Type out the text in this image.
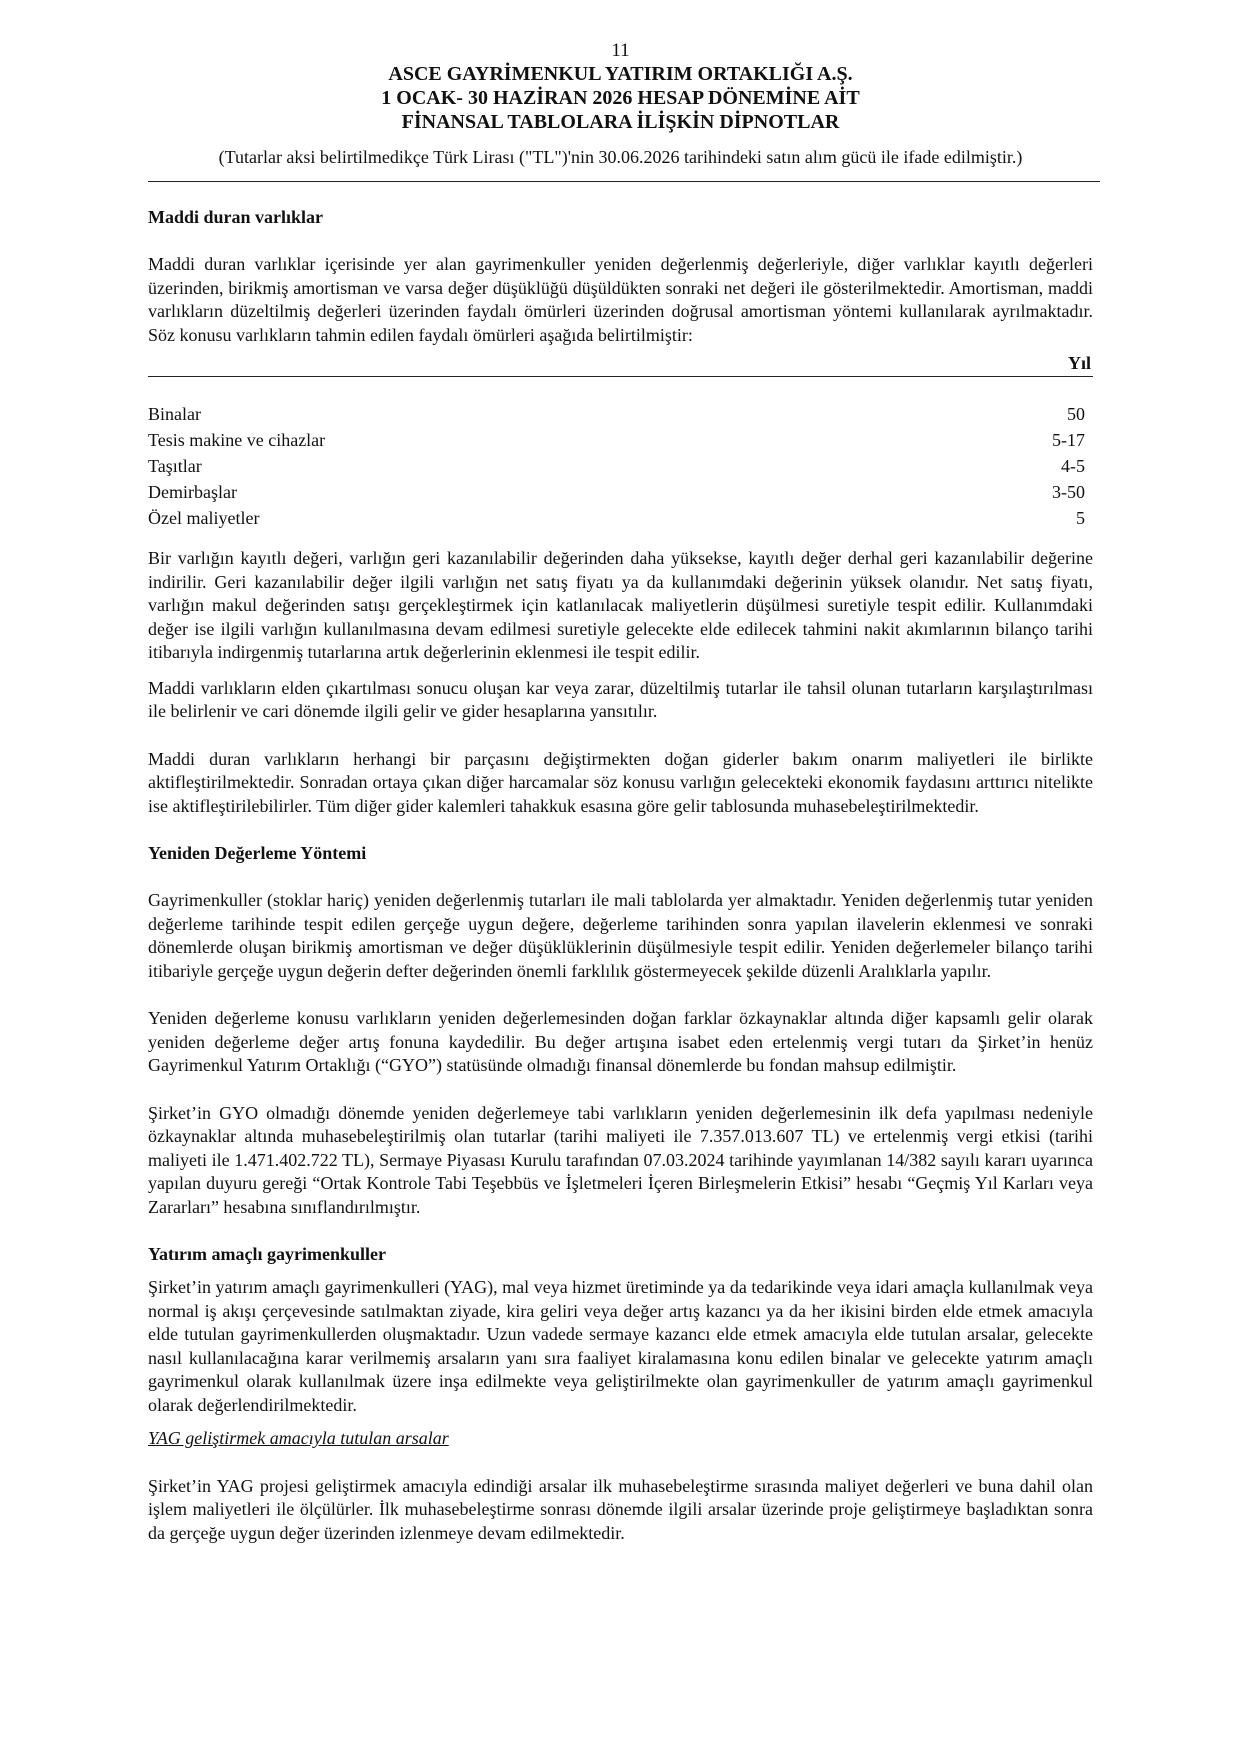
11
ASCE GAYRİMENKUL YATIRIM ORTAKLIĞI A.Ş.
1 OCAK- 30 HAZİRAN 2026 HESAP DÖNEMİNE AİT
FİNANSAL TABLOLARA İLİŞKİN DİPNOTLAR
(Tutarlar aksi belirtilmedikçe Türk Lirası ("TL")'nin 30.06.2026 tarihindeki satın alım gücü ile ifade edilmiştir.)
Maddi duran varlıklar

Maddi duran varlıklar içerisinde yer alan gayrimenkuller yeniden değerlenmiş değerleriyle, diğer varlıklar kayıtlı değerleri üzerinden, birikmiş amortisman ve varsa değer düşüklüğü düşüldükten sonraki net değeri ile gösterilmektedir. Amortisman, maddi varlıkların düzeltilmiş değerleri üzerinden faydalı ömürleri üzerinden doğrusal amortisman yöntemi kullanılarak ayrılmaktadır. Söz konusu varlıkların tahmin edilen faydalı ömürleri aşağıda belirtilmiştir:

Yıl
Binalar	50
Tesis makine ve cihazlar	5-17
Taşıtlar	4-5
Demirbaşlar	3-50
Özel maliyetler	5

Bir varlığın kayıtlı değeri, varlığın geri kazanılabilir değerinden daha yüksekse, kayıtlı değer derhal geri kazanılabilir değerine indirilir. Geri kazanılabilir değer ilgili varlığın net satış fiyatı ya da kullanımdaki değerinin yüksek olanıdır. Net satış fiyatı, varlığın makul değerinden satışı gerçekleştirmek için katlanılacak maliyetlerin düşülmesi suretiyle tespit edilir. Kullanımdaki değer ise ilgili varlığın kullanılmasına devam edilmesi suretiyle gelecekte elde edilecek tahmini nakit akımlarının bilanço tarihi itibarıyla indirgenmiş tutarlarına artık değerlerinin eklenmesi ile tespit edilir.

Maddi varlıkların elden çıkartılması sonucu oluşan kar veya zarar, düzeltilmiş tutarlar ile tahsil olunan tutarların karşılaştırılması ile belirlenir ve cari dönemde ilgili gelir ve gider hesaplarına yansıtılır.

Maddi duran varlıkların herhangi bir parçasını değiştirmekten doğan giderler bakım onarım maliyetleri ile birlikte aktifleştirilmektedir. Sonradan ortaya çıkan diğer harcamalar söz konusu varlığın gelecekteki ekonomik faydasını arttırıcı nitelikte ise aktifleştirilebilirler. Tüm diğer gider kalemleri tahakkuk esasına göre gelir tablosunda muhasebeleştirilmektedir.

Yeniden Değerleme Yöntemi

Gayrimenkuller (stoklar hariç) yeniden değerlenmiş tutarları ile mali tablolarda yer almaktadır. Yeniden değerlenmiş tutar yeniden değerleme tarihinde tespit edilen gerçeğe uygun değere, değerleme tarihinden sonra yapılan ilavelerin eklenmesi ve sonraki dönemlerde oluşan birikmiş amortisman ve değer düşüklüklerinin düşülmesiyle tespit edilir. Yeniden değerlemeler bilanço tarihi itibariyle gerçeğe uygun değerin defter değerinden önemli farklılık göstermeyecek şekilde düzenli Aralıklarla yapılır.

Yeniden değerleme konusu varlıkların yeniden değerlemesinden doğan farklar özkaynaklar altında diğer kapsamlı gelir olarak yeniden değerleme değer artış fonuna kaydedilir. Bu değer artışına isabet eden ertelenmiş vergi tutarı da Şirket’in henüz Gayrimenkul Yatırım Ortaklığı (“GYO”) statüsünde olmadığı finansal dönemlerde bu fondan mahsup edilmiştir.

Şirket’in GYO olmadığı dönemde yeniden değerlemeye tabi varlıkların yeniden değerlemesinin ilk defa yapılması nedeniyle özkaynaklar altında muhasebeleştirilmiş olan tutarlar (tarihi maliyeti ile 7.357.013.607 TL) ve ertelenmiş vergi etkisi (tarihi maliyeti ile 1.471.402.722 TL), Sermaye Piyasası Kurulu tarafından 07.03.2024 tarihinde yayımlanan 14/382 sayılı kararı uyarınca yapılan duyuru gereği “Ortak Kontrole Tabi Teşebbüs ve İşletmeleri İçeren Birleşmelerin Etkisi” hesabı “Geçmiş Yıl Karları veya Zararları” hesabına sınıflandırılmıştır.

Yatırım amaçlı gayrimenkuller

Şirket’in yatırım amaçlı gayrimenkulleri (YAG), mal veya hizmet üretiminde ya da tedarikinde veya idari amaçla kullanılmak veya normal iş akışı çerçevesinde satılmaktan ziyade, kira geliri veya değer artış kazancı ya da her ikisini birden elde etmek amacıyla elde tutulan gayrimenkullerden oluşmaktadır. Uzun vadede sermaye kazancı elde etmek amacıyla elde tutulan arsalar, gelecekte nasıl kullanılacağına karar verilmemiş arsaların yanı sıra faaliyet kiralamasına konu edilen binalar ve gelecekte yatırım amaçlı gayrimenkul olarak kullanılmak üzere inşa edilmekte veya geliştirilmekte olan gayrimenkuller de yatırım amaçlı gayrimenkul olarak değerlendirilmektedir.

YAG geliştirmek amacıyla tutulan arsalar

Şirket’in YAG projesi geliştirmek amacıyla edindiği arsalar ilk muhasebeleştirme sırasında maliyet değerleri ve buna dahil olan işlem maliyetleri ile ölçülürler. İlk muhasebeleştirme sonrası dönemde ilgili arsalar üzerinde proje geliştirmeye başladıktan sonra da gerçeğe uygun değer üzerinden izlenmeye devam edilmektedir.
